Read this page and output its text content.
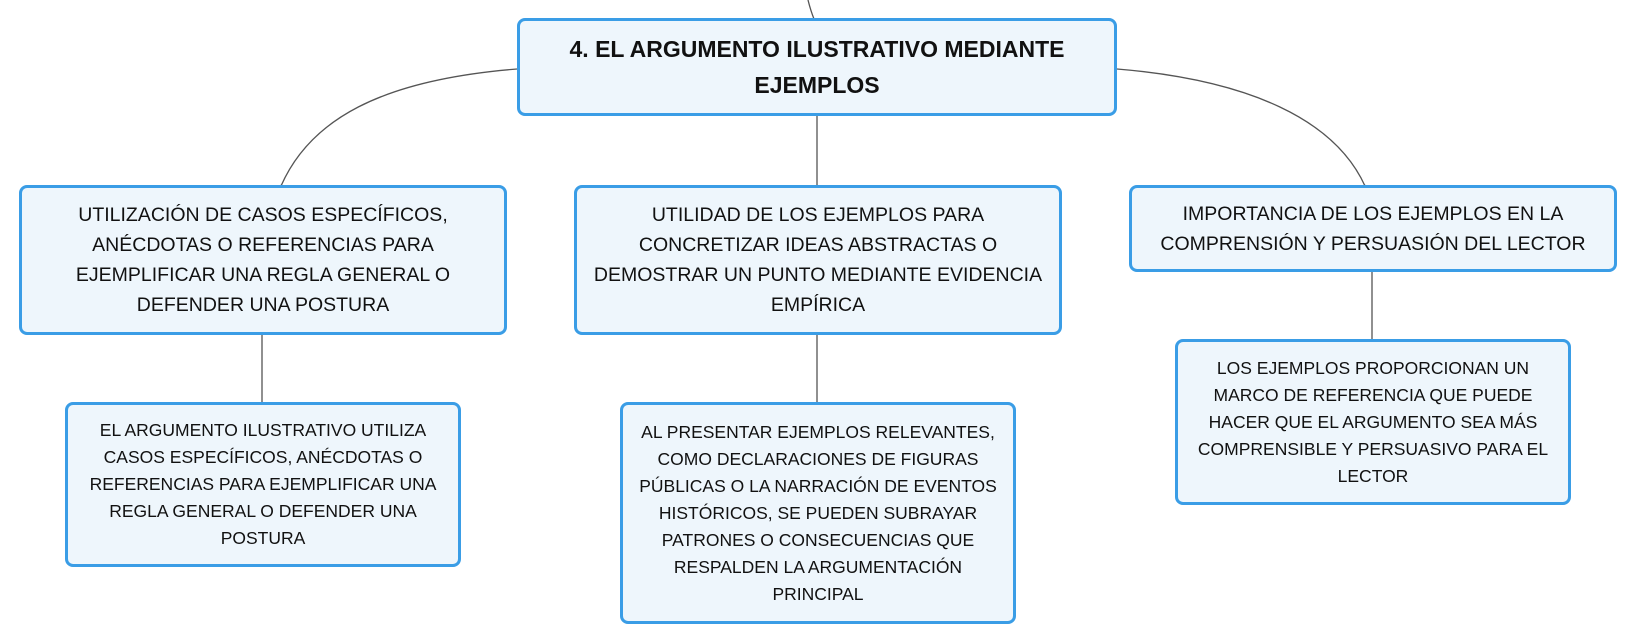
4. EL ARGUMENTO ILUSTRATIVO MEDIANTE EJEMPLOS
UTILIZACIÓN DE CASOS ESPECÍFICOS, ANÉCDOTAS O REFERENCIAS PARA EJEMPLIFICAR UNA REGLA GENERAL O DEFENDER UNA POSTURA
UTILIDAD DE LOS EJEMPLOS PARA CONCRETIZAR IDEAS ABSTRACTAS O DEMOSTRAR UN PUNTO MEDIANTE EVIDENCIA EMPÍRICA
IMPORTANCIA DE LOS EJEMPLOS EN LA COMPRENSIÓN Y PERSUASIÓN DEL LECTOR
EL ARGUMENTO ILUSTRATIVO UTILIZA CASOS ESPECÍFICOS, ANÉCDOTAS O REFERENCIAS PARA EJEMPLIFICAR UNA REGLA GENERAL O DEFENDER UNA POSTURA
AL PRESENTAR EJEMPLOS RELEVANTES, COMO DECLARACIONES DE FIGURAS PÚBLICAS O LA NARRACIÓN DE EVENTOS HISTÓRICOS, SE PUEDEN SUBRAYAR PATRONES O CONSECUENCIAS QUE RESPALDEN LA ARGUMENTACIÓN PRINCIPAL
LOS EJEMPLOS PROPORCIONAN UN MARCO DE REFERENCIA QUE PUEDE HACER QUE EL ARGUMENTO SEA MÁS COMPRENSIBLE Y PERSUASIVO PARA EL LECTOR
